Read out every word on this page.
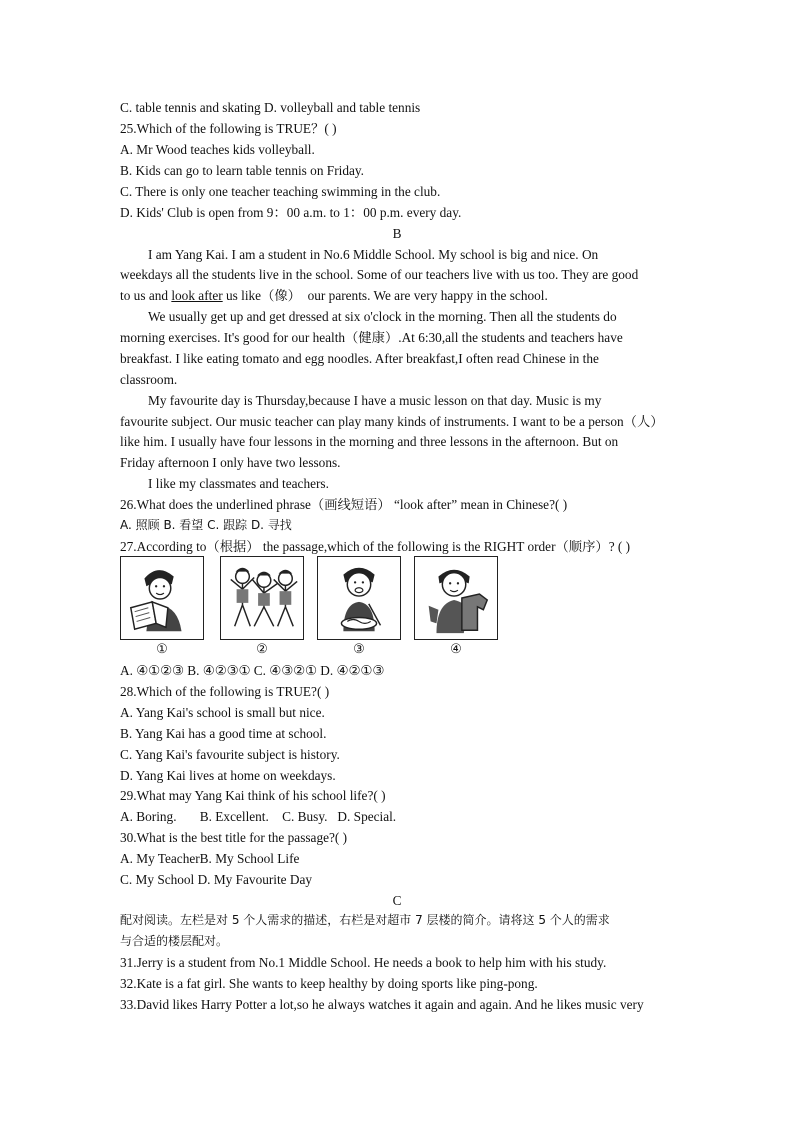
C. table tennis and skating D. volleyball and table tennis
25.Which of the following is TRUE？( )
A. Mr Wood teaches kids volleyball.
B. Kids can go to learn table tennis on Friday.
C. There is only one teacher teaching swimming in the club.
D. Kids' Club is open from 9：00 a.m. to 1：00 p.m. every day.
B
I am Yang Kai. I am a student in No.6 Middle School. My school is big and nice. On
weekdays all the students live in the school. Some of our teachers live with us too. They are good
to us and look after us like（像）  our parents. We are very happy in the school.
We usually get up and get dressed at six o'clock in the morning. Then all the students do
morning exercises. It's good for our health（健康）.At 6:30,all the students and teachers have
breakfast. I like eating tomato and egg noodles. After breakfast,I often read Chinese in the
classroom.
My favourite day is Thursday,because I have a music lesson on that day. Music is my
favourite subject. Our music teacher can play many kinds of instruments. I want to be a person（人）
like him. I usually have four lessons in the morning and three lessons in the afternoon. But on
Friday afternoon I only have two lessons.
I like my classmates and teachers.
26.What does the underlined phrase（画线短语） “look after” mean in Chinese?( )
A. 照顾 B. 看望 C. 跟踪 D. 寻找
27.According to（根据） the passage,which of the following is the RIGHT order（顺序）? ( )
①	②	③	④
A. ④①②③ B. ④②③① C. ④③②① D. ④②①③
28.Which of the following is TRUE?( )
A. Yang Kai's school is small but nice.
B. Yang Kai has a good time at school.
C. Yang Kai's favourite subject is history.
D. Yang Kai lives at home on weekdays.
29.What may Yang Kai think of his school life?( )
A. Boring.       B. Excellent.    C. Busy.   D. Special.
30.What is the best title for the passage?( )
A. My TeacherB. My School Life
C. My School D. My Favourite Day
C
配对阅读。左栏是对 5 个人需求的描述，右栏是对超市 7 层楼的简介。请将这 5 个人的需求
与合适的楼层配对。
31.Jerry is a student from No.1 Middle School. He needs a book to help him with his study.
32.Kate is a fat girl. She wants to keep healthy by doing sports like ping-pong.
33.David likes Harry Potter a lot,so he always watches it again and again. And he likes music very
